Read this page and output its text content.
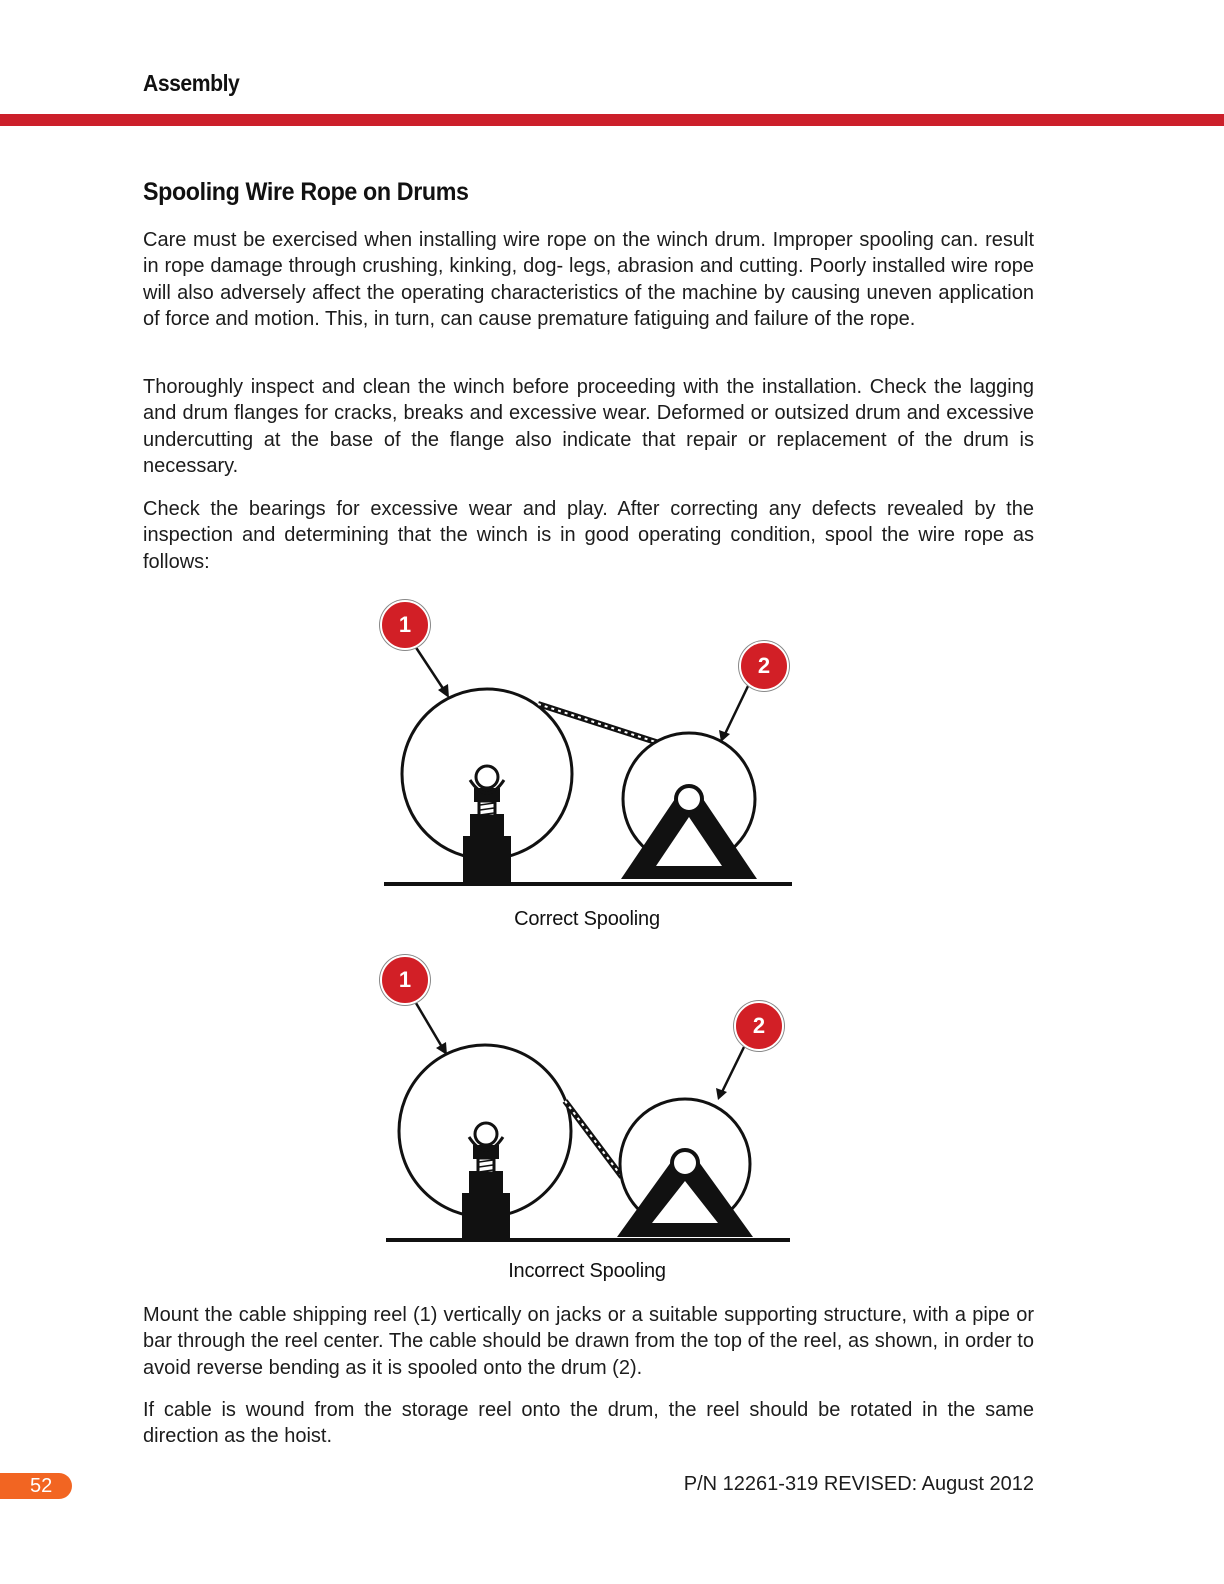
Assembly
Spooling Wire Rope on Drums

Care must be exercised when installing wire rope on the winch drum. Improper spooling can. result in rope damage through crushing, kinking, dog- legs, abrasion and cutting. Poorly installed wire rope will also adversely affect the operating characteristics of the machine by causing uneven application of force and motion. This, in turn, can cause premature fatiguing and failure of the rope.

Thoroughly inspect and clean the winch before proceeding with the installation. Check the lagging and drum flanges for cracks, breaks and excessive wear. Deformed or outsized drum and excessive undercutting at the base of the flange also indicate that repair or replacement of the drum is necessary.

Check the bearings for excessive wear and play. After correcting any defects revealed by the inspection and determining that the winch is in good operating condition, spool the wire rope as follows:

1
2
Correct Spooling
1
2
Incorrect Spooling

Mount the cable shipping reel (1) vertically on jacks or a suitable supporting structure, with a pipe or bar through the reel center. The cable should be drawn from the top of the reel, as shown, in order to avoid reverse bending as it is spooled onto the drum (2).

If cable is wound from the storage reel onto the drum, the reel should be rotated in the same direction as the hoist.

52	P/N 12261-319 REVISED: August 2012
